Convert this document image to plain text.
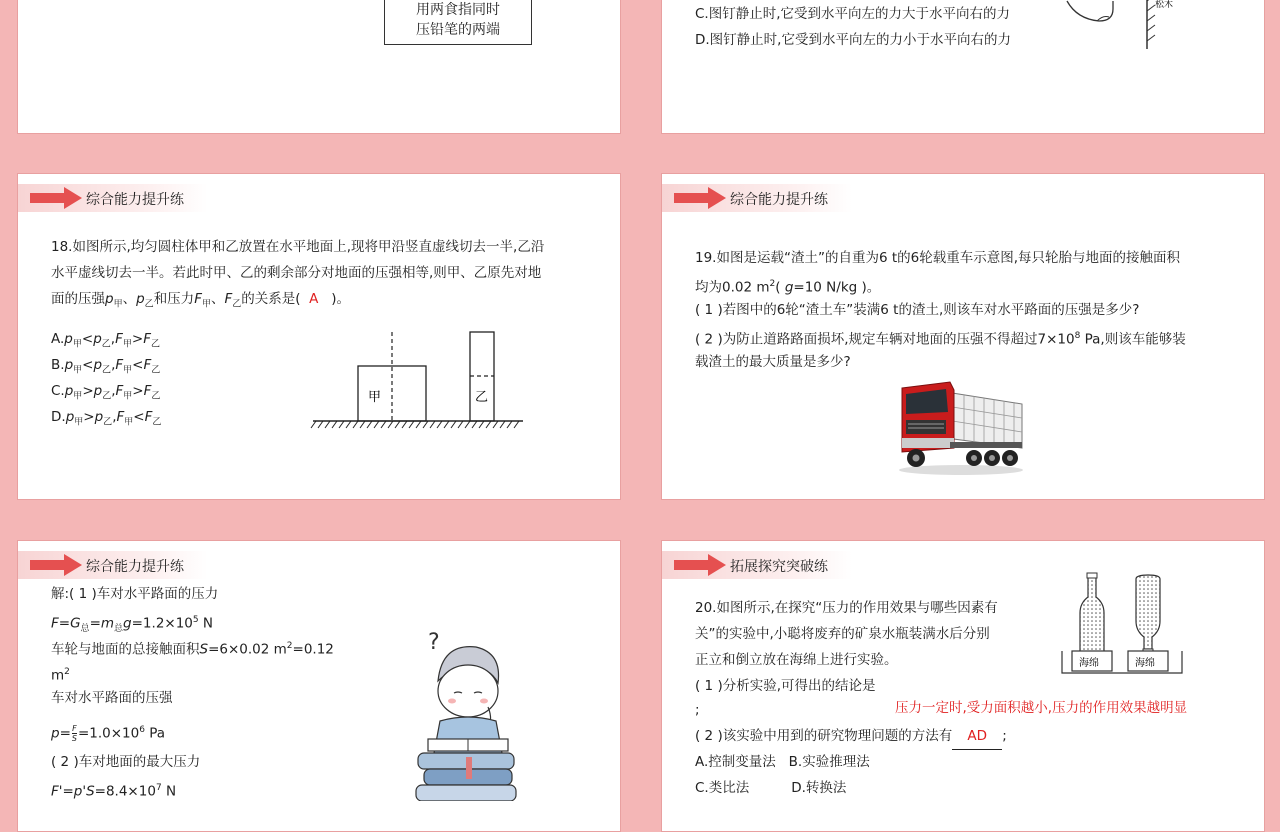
用两食指同时
压铅笔的两端
C.图钉静止时,它受到水平向左的力大于水平向右的力
D.图钉静止时,它受到水平向左的力小于水平向右的力
松木
综合能力提升练
18.如图所示,均匀圆柱体甲和乙放置在水平地面上,现将甲沿竖直虚线切去一半,乙沿
水平虚线切去一半。若此时甲、乙的剩余部分对地面的压强相等,则甲、乙原先对地
面的压强$p_甲$、$p_乙$和压力$F_甲$、$F_乙$的关系是( A )。
$A.p_甲<p_乙,F_甲>F_乙$
$B.p_甲<p_乙,F_甲<F_乙$
$C.p_甲>p_乙,F_甲>F_乙$
$D.p_甲>p_乙,F_甲<F_乙$
甲	乙
综合能力提升练
19.如图是运载“渣土”的自重为6 t的6轮载重车示意图,每只轮胎与地面的接触面积
均为0.02 $m^2$( g=10 N/kg )。
( 1 )若图中的6轮“渣土车”装满6 t的渣土,则该车对水平路面的压强是多少?
( 2 )为防止道路路面损坏,规定车辆对地面的压强不得超过$7\times 10^8$ Pa,则该车能够装
载渣土的最大质量是多少?
综合能力提升练
解:( 1 )车对水平路面的压力
$F=G_总=m_总g=1.2\times 10^5$ N
车轮与地面的总接触面积S=6×0.02 $m^2=0.12$
$m^2$
车对水平路面的压强
$p= \frac{F}{S} =1.0\times 10^6$ Pa
( 2 )车对地面的最大压力
$F'=p'S=8.4\times 10^7$ N
?
拓展探究突破练
20.如图所示,在探究“压力的作用效果与哪些因素有
关”的实验中,小聪将废弃的矿泉水瓶装满水后分别
正立和倒立放在海绵上进行实验。
( 1 )分析实验,可得出的结论是
;	压力一定时,受力面积越小,压力的作用效果越明显
( 2 )该实验中用到的研究物理问题的方法有 AD ;
A.控制变量法 B.实验推理法
C.类比法	D.转换法
海绵	海绵
